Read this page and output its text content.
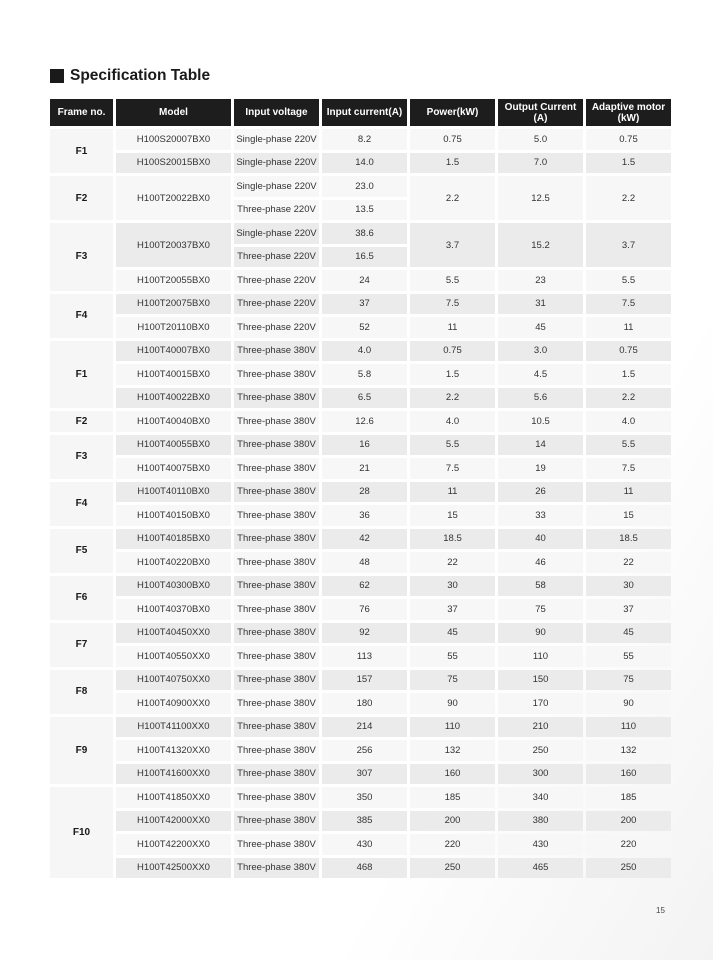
Specification Table
Frame no.	Model	Input voltage	Input current(A)	Power(kW)	Output Current (A)	Adaptive motor (kW)
F1	H100S20007BX0	Single-phase 220V	8.2	0.75	5.0	0.75
	H100S20015BX0	Single-phase 220V	14.0	1.5	7.0	1.5
F2	H100T20022BX0	Single-phase 220V	23.0	2.2	12.5	2.2
		Three-phase 220V	13.5			
F3	H100T20037BX0	Single-phase 220V	38.6	3.7	15.2	3.7
		Three-phase 220V	16.5			
	H100T20055BX0	Three-phase 220V	24	5.5	23	5.5
F4	H100T20075BX0	Three-phase 220V	37	7.5	31	7.5
	H100T20110BX0	Three-phase 220V	52	11	45	11
F1	H100T40007BX0	Three-phase 380V	4.0	0.75	3.0	0.75
	H100T40015BX0	Three-phase 380V	5.8	1.5	4.5	1.5
	H100T40022BX0	Three-phase 380V	6.5	2.2	5.6	2.2
F2	H100T40040BX0	Three-phase 380V	12.6	4.0	10.5	4.0
F3	H100T40055BX0	Three-phase 380V	16	5.5	14	5.5
	H100T40075BX0	Three-phase 380V	21	7.5	19	7.5
F4	H100T40110BX0	Three-phase 380V	28	11	26	11
	H100T40150BX0	Three-phase 380V	36	15	33	15
F5	H100T40185BX0	Three-phase 380V	42	18.5	40	18.5
	H100T40220BX0	Three-phase 380V	48	22	46	22
F6	H100T40300BX0	Three-phase 380V	62	30	58	30
	H100T40370BX0	Three-phase 380V	76	37	75	37
F7	H100T40450XX0	Three-phase 380V	92	45	90	45
	H100T40550XX0	Three-phase 380V	113	55	110	55
F8	H100T40750XX0	Three-phase 380V	157	75	150	75
	H100T40900XX0	Three-phase 380V	180	90	170	90
F9	H100T41100XX0	Three-phase 380V	214	110	210	110
	H100T41320XX0	Three-phase 380V	256	132	250	132
	H100T41600XX0	Three-phase 380V	307	160	300	160
F10	H100T41850XX0	Three-phase 380V	350	185	340	185
	H100T42000XX0	Three-phase 380V	385	200	380	200
	H100T42200XX0	Three-phase 380V	430	220	430	220
	H100T42500XX0	Three-phase 380V	468	250	465	250
15
